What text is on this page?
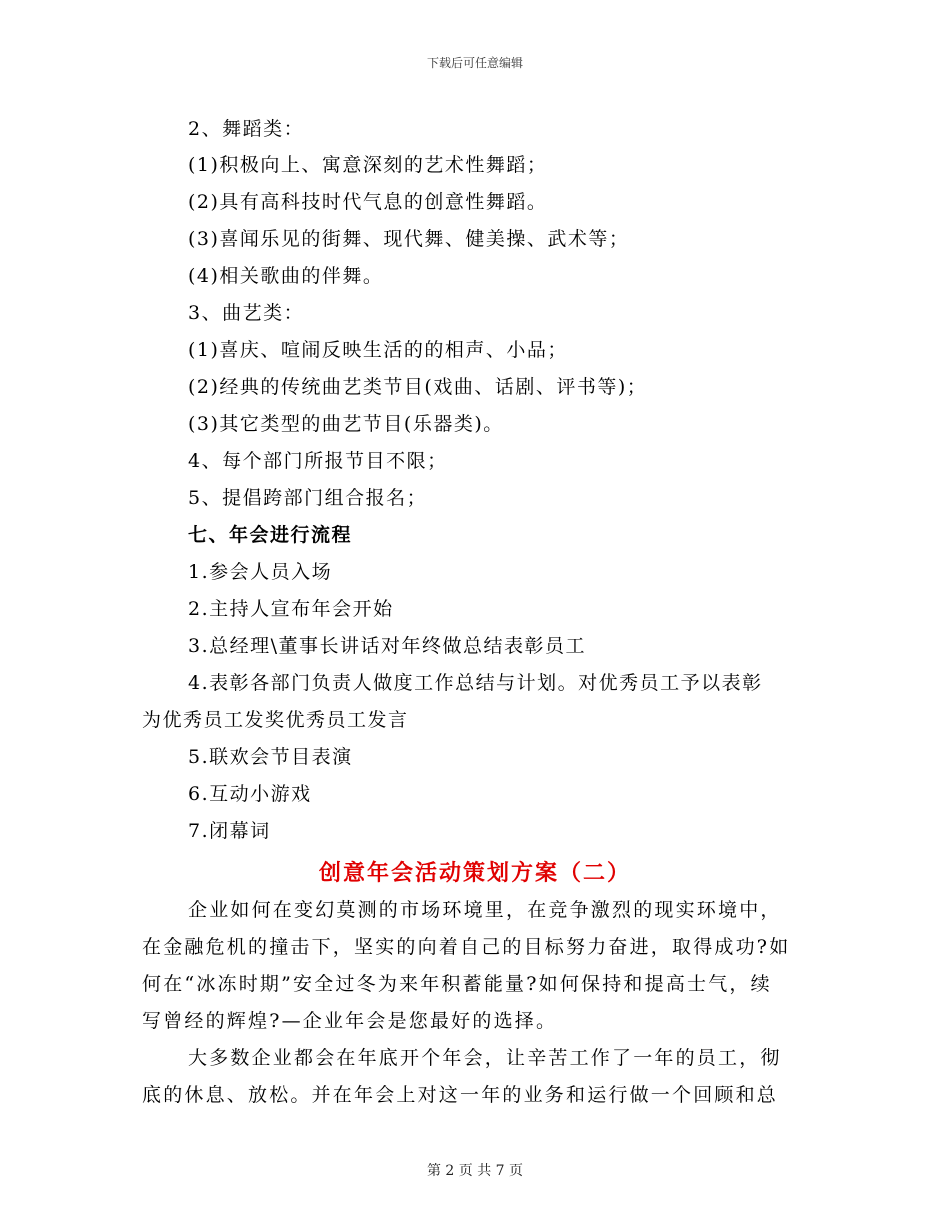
下载后可任意编辑
2、舞蹈类：
(1)积极向上、寓意深刻的艺术性舞蹈；
(2)具有高科技时代气息的创意性舞蹈。
(3)喜闻乐见的街舞、现代舞、健美操、武术等；
(4)相关歌曲的伴舞。
3、曲艺类：
(1)喜庆、喧闹反映生活的的相声、小品；
(2)经典的传统曲艺类节目(戏曲、话剧、评书等)；
(3)其它类型的曲艺节目(乐器类)。
4、每个部门所报节目不限；
5、提倡跨部门组合报名；
七、年会进行流程
1.参会人员入场
2.主持人宣布年会开始
3.总经理\董事长讲话对年终做总结表彰员工
4.表彰各部门负责人做度工作总结与计划。对优秀员工予以表彰
为优秀员工发奖优秀员工发言
5.联欢会节目表演
6.互动小游戏
7.闭幕词
创意年会活动策划方案（二）
企业如何在变幻莫测的市场环境里，在竞争激烈的现实环境中，
在金融危机的撞击下，坚实的向着自己的目标努力奋进，取得成功?如
何在“冰冻时期”安全过冬为来年积蓄能量?如何保持和提高士气，续
写曾经的辉煌?—企业年会是您最好的选择。
大多数企业都会在年底开个年会，让辛苦工作了一年的员工，彻
底的休息、放松。并在年会上对这一年的业务和运行做一个回顾和总
第 2 页 共 7 页
